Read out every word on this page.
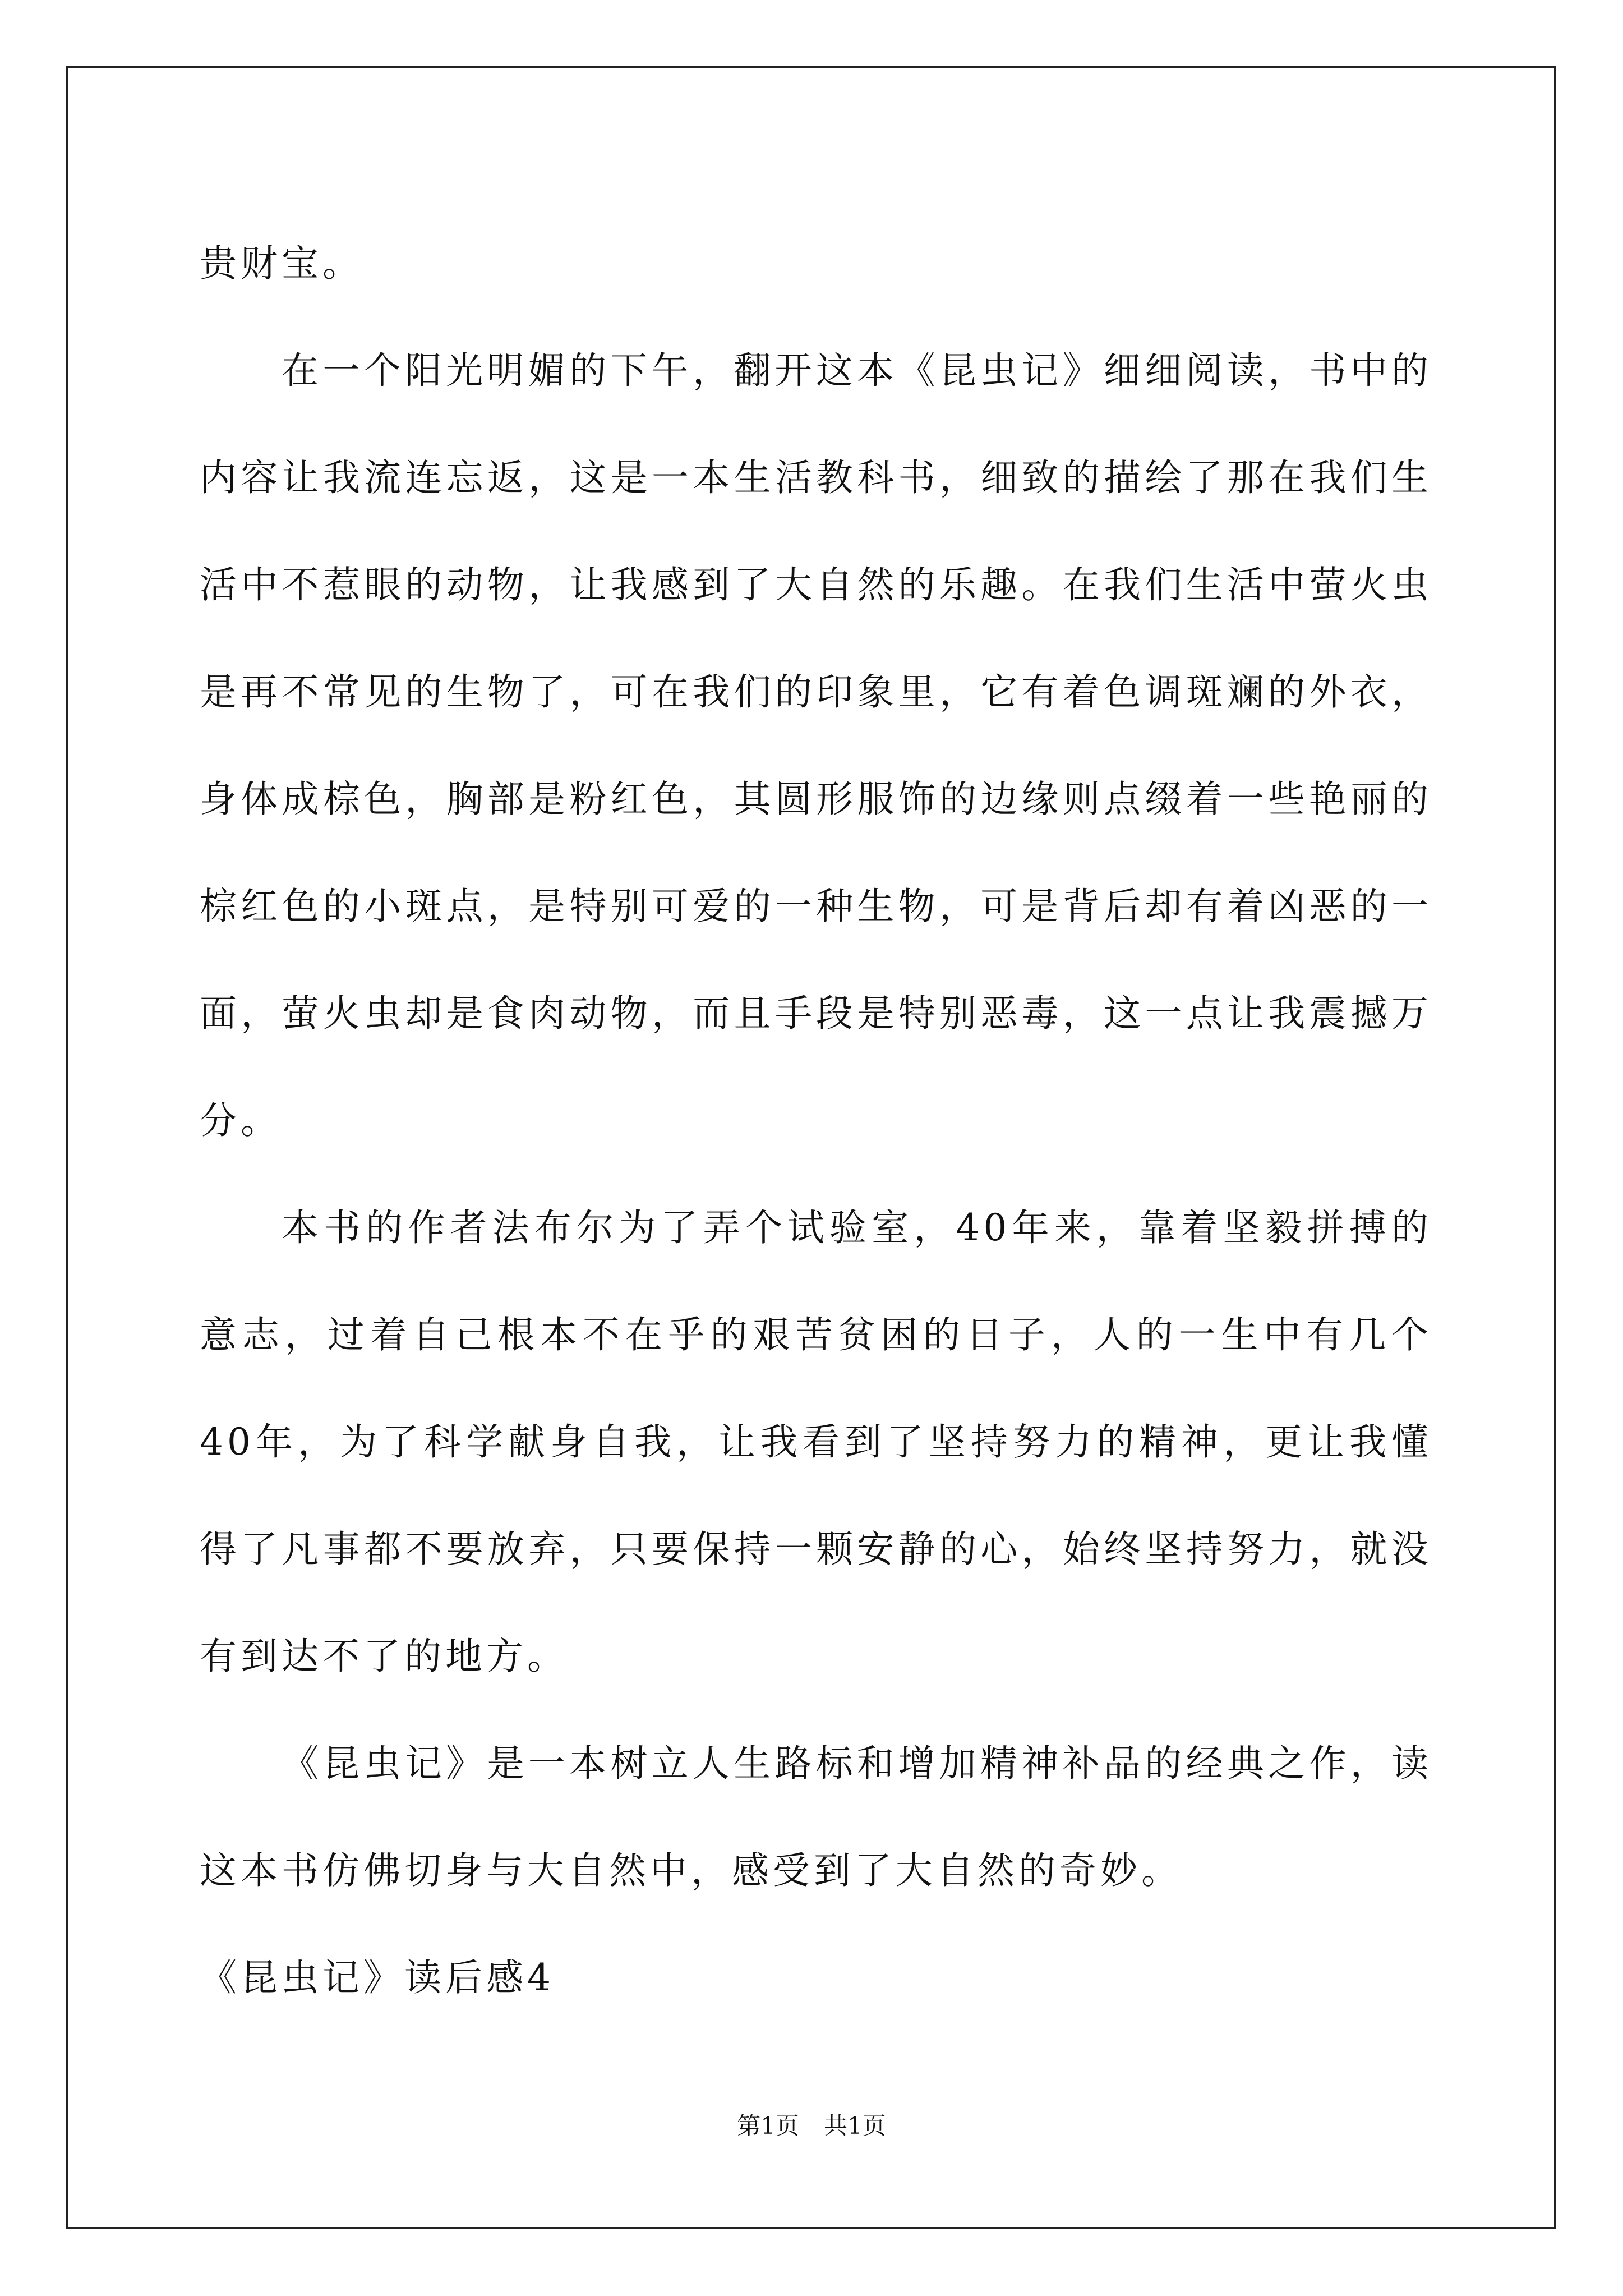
贵财宝。

在一个阳光明媚的下午，翻开这本《昆虫记》细细阅读，书中的内容让我流连忘返，这是一本生活教科书，细致的描绘了那在我们生活中不惹眼的动物，让我感到了大自然的乐趣。在我们生活中萤火虫是再不常见的生物了，可在我们的印象里，它有着色调斑斓的外衣，身体成棕色，胸部是粉红色，其圆形服饰的边缘则点缀着一些艳丽的棕红色的小斑点，是特别可爱的一种生物，可是背后却有着凶恶的一面，萤火虫却是食肉动物，而且手段是特别恶毒，这一点让我震撼万分。

本书的作者法布尔为了弄个试验室，40年来，靠着坚毅拼搏的意志，过着自己根本不在乎的艰苦贫困的日子，人的一生中有几个40年，为了科学献身自我，让我看到了坚持努力的精神，更让我懂得了凡事都不要放弃，只要保持一颗安静的心，始终坚持努力，就没有到达不了的地方。

《昆虫记》是一本树立人生路标和增加精神补品的经典之作，读这本书仿佛切身与大自然中，感受到了大自然的奇妙。

《昆虫记》读后感4

第1页 共1页
